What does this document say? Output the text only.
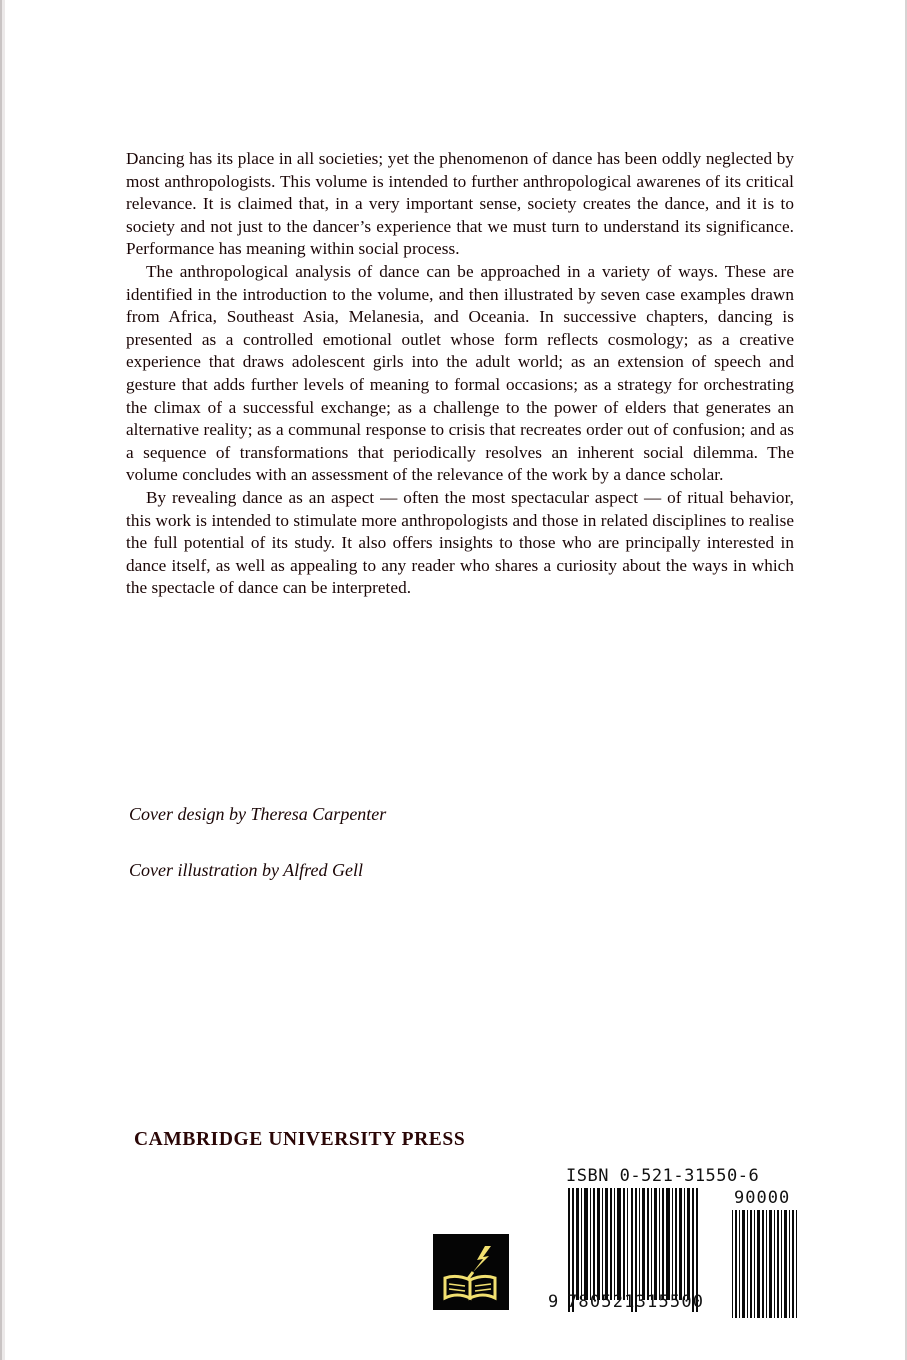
Dancing has its place in all societies; yet the phenomenon of dance has been oddly neglected by most anthropologists. This volume is intended to further anthropological awarenes of its critical relevance. It is claimed that, in a very important sense, society creates the dance, and it is to society and not just to the dancer’s experience that we must turn to understand its significance. Performance has meaning within social process.

The anthropological analysis of dance can be approached in a variety of ways. These are identified in the introduction to the volume, and then illustrated by seven case examples drawn from Africa, Southeast Asia, Melanesia, and Oceania. In successive chapters, dancing is presented as a controlled emotional outlet whose form reflects cosmology; as a creative experience that draws adolescent girls into the adult world; as an extension of speech and gesture that adds further levels of meaning to formal occasions; as a strategy for orchestrating the climax of a successful exchange; as a challenge to the power of elders that generates an alternative reality; as a communal response to crisis that recreates order out of confusion; and as a sequence of transformations that periodically resolves an inherent social dilemma. The volume concludes with an assessment of the relevance of the work by a dance scholar.

By revealing dance as an aspect — often the most spectacular aspect — of ritual behavior, this work is intended to stimulate more anthropologists and those in related disciplines to realise the full potential of its study. It also offers insights to those who are principally interested in dance itself, as well as appealing to any reader who shares a curiosity about the ways in which the spectacle of dance can be interpreted.

Cover design by Theresa Carpenter
Cover illustration by Alfred Gell
CAMBRIDGE UNIVERSITY PRESS
ISBN 0-521-31550-6
90000
9 780521315500
